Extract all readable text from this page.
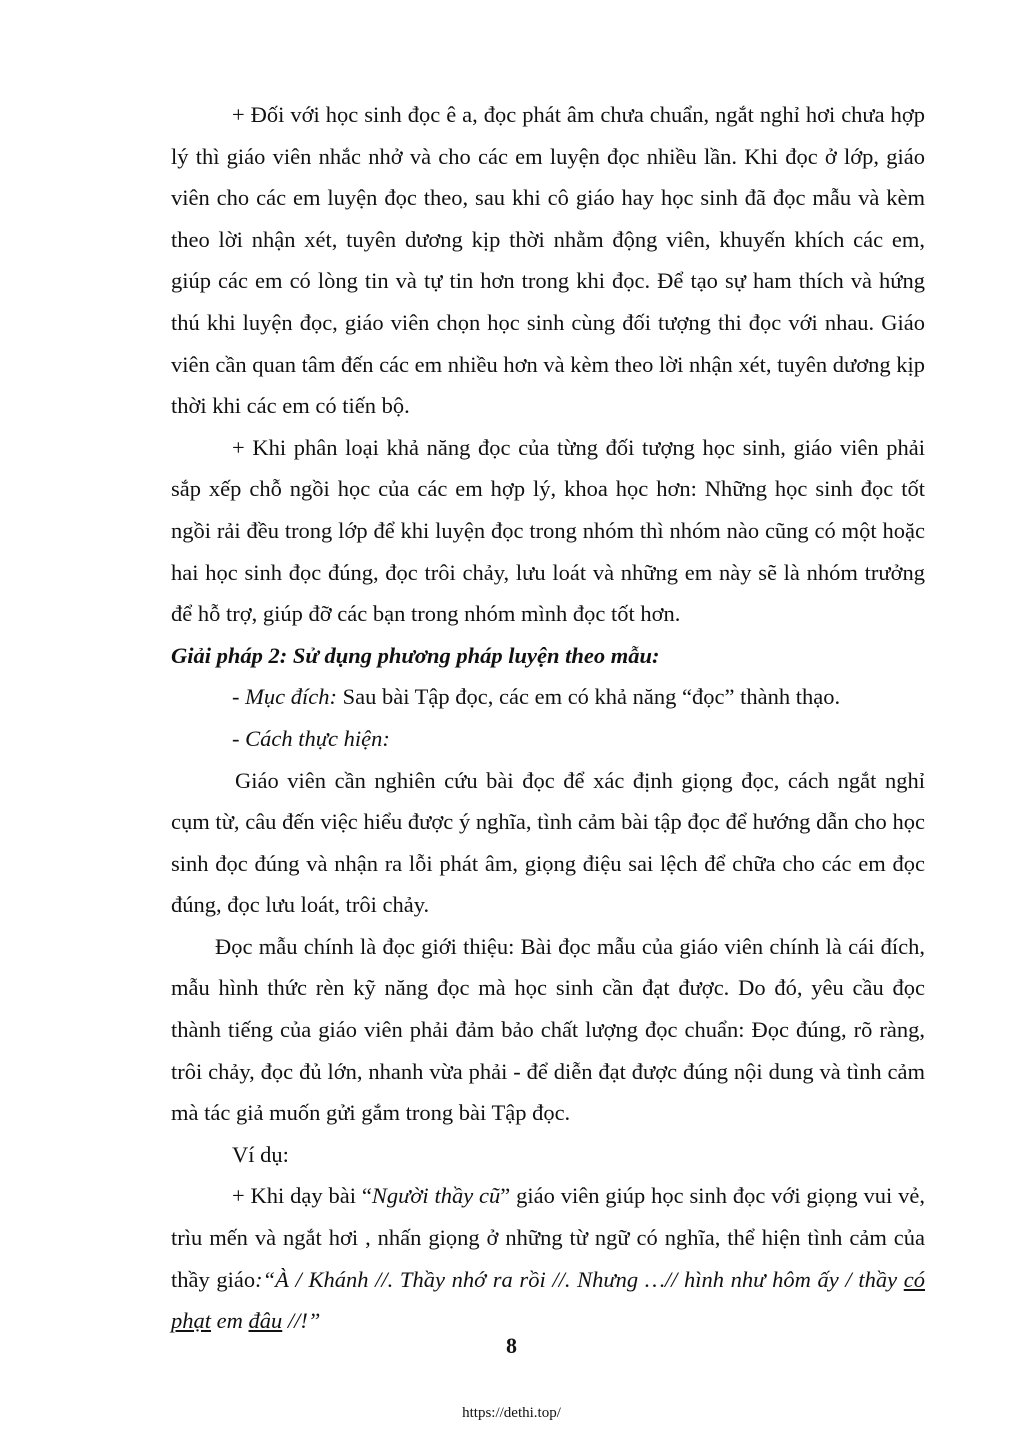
+ Đối với học sinh đọc ê a, đọc phát âm chưa chuẩn, ngắt nghỉ hơi chưa hợp lý thì giáo viên nhắc nhở và cho các em luyện đọc nhiều lần. Khi đọc ở lớp, giáo viên cho các em luyện đọc theo, sau khi cô giáo hay học sinh đã đọc mẫu và kèm theo lời nhận xét, tuyên dương kịp thời nhằm động viên, khuyến khích các em, giúp các em có lòng tin và tự tin hơn trong khi đọc. Để tạo sự ham thích và hứng thú khi luyện đọc, giáo viên chọn học sinh cùng đối tượng thi đọc với nhau. Giáo viên cần quan tâm đến các em nhiều hơn và kèm theo lời nhận xét, tuyên dương kịp thời khi các em có tiến bộ.

+ Khi phân loại khả năng đọc của từng đối tượng học sinh, giáo viên phải sắp xếp chỗ ngồi học của các em hợp lý, khoa học hơn: Những học sinh đọc tốt ngồi rải đều trong lớp để khi luyện đọc trong nhóm thì nhóm nào cũng có một hoặc hai học sinh đọc đúng, đọc trôi chảy, lưu loát và những em này sẽ là nhóm trưởng để hỗ trợ, giúp đỡ các bạn trong nhóm mình đọc tốt hơn.

Giải pháp 2: Sử dụng phương pháp luyện theo mẫu:

- Mục đích: Sau bài Tập đọc, các em có khả năng “đọc” thành thạo.

- Cách thực hiện:

Giáo viên cần nghiên cứu bài đọc để xác định giọng đọc, cách ngắt nghỉ cụm từ, câu đến việc hiểu được ý nghĩa, tình cảm bài tập đọc để hướng dẫn cho học sinh đọc đúng và nhận ra lỗi phát âm, giọng điệu sai lệch để chữa cho các em đọc đúng, đọc lưu loát, trôi chảy.

Đọc mẫu chính là đọc giới thiệu: Bài đọc mẫu của giáo viên chính là cái đích, mẫu hình thức rèn kỹ năng đọc mà học sinh cần đạt được. Do đó, yêu cầu đọc thành tiếng của giáo viên phải đảm bảo chất lượng đọc chuẩn: Đọc đúng, rõ ràng, trôi chảy, đọc đủ lớn, nhanh vừa phải - để diễn đạt được đúng nội dung và tình cảm mà tác giả muốn gửi gắm trong bài Tập đọc.

Ví dụ:

+ Khi dạy bài “Người thầy cũ” giáo viên giúp học sinh đọc với giọng vui vẻ, trìu mến và ngắt hơi , nhấn giọng ở những từ ngữ có nghĩa, thể hiện tình cảm của thầy giáo:“À / Khánh //. Thầy nhớ ra rồi //. Nhưng …// hình như hôm ấy / thầy có phạt em đâu //!”

8
https://dethi.top/
